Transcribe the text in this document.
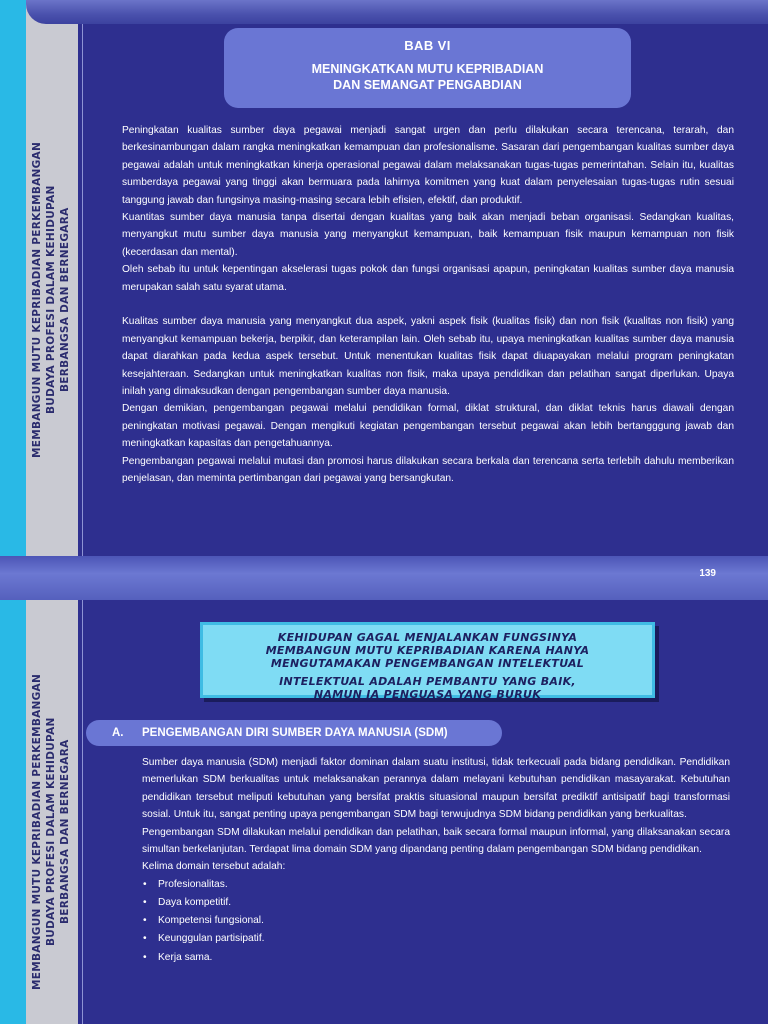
MEMBANGUN MUTU KEPRIBADIAN PERKEMBANGAN BUDAYA PROFESI DALAM KEHIDUPAN BERBANGSA DAN BERNEGARA
BAB VI
MENINGKATKAN MUTU KEPRIBADIAN
DAN SEMANGAT PENGABDIAN

Peningkatan kualitas sumber daya pegawai menjadi sangat urgen dan perlu dilakukan secara terencana, terarah, dan berkesinambungan dalam rangka meningkatkan kemampuan dan profesionalisme. Sasaran dari pengembangan kualitas sumber daya pegawai adalah untuk meningkatkan kinerja operasional pegawai dalam melaksanakan tugas-tugas pemerintahan. Selain itu, kualitas sumberdaya pegawai yang tinggi akan bermuara pada lahirnya komitmen yang kuat dalam penyelesaian tugas-tugas rutin sesuai tanggung jawab dan fungsinya masing-masing secara lebih efisien, efektif, dan produktif.

Kuantitas sumber daya manusia tanpa disertai dengan kualitas yang baik akan menjadi beban organisasi. Sedangkan kualitas, menyangkut mutu sumber daya manusia yang menyangkut kemampuan, baik kemampuan fisik maupun kemampuan non fisik (kecerdasan dan mental).

Oleh sebab itu untuk kepentingan akselerasi tugas pokok dan fungsi organisasi apapun, peningkatan kualitas sumber daya manusia merupakan salah satu syarat utama.

Kualitas sumber daya manusia yang menyangkut dua aspek, yakni aspek fisik (kualitas fisik) dan non fisik (kualitas non fisik) yang menyangkut kemampuan bekerja, berpikir, dan keterampilan lain. Oleh sebab itu, upaya meningkatkan kualitas sumber daya manusia dapat diarahkan pada kedua aspek tersebut. Untuk menentukan kualitas fisik dapat diuapayakan melalui program peningkatan kesejahteraan. Sedangkan untuk meningkatkan kualitas non fisik, maka upaya pendidikan dan pelatihan sangat diperlukan. Upaya inilah yang dimaksudkan dengan pengembangan sumber daya manusia.

Dengan demikian, pengembangan pegawai melalui pendidikan formal, diklat struktural, dan diklat teknis harus diawali dengan peningkatan motivasi pegawai. Dengan mengikuti kegiatan pengembangan tersebut pegawai akan lebih bertangggung jawab dan meningkatkan kapasitas dan pengetahuannya.

Pengembangan pegawai melalui mutasi dan promosi harus dilakukan secara berkala dan terencana serta terlebih dahulu memberikan penjelasan, dan meminta pertimbangan dari pegawai yang bersangkutan.

139
MEMBANGUN MUTU KEPRIBADIAN PERKEMBANGAN BUDAYA PROFESI DALAM KEHIDUPAN BERBANGSA DAN BERNEGARA
KEHIDUPAN GAGAL MENJALANKAN FUNGSINYA
MEMBANGUN MUTU KEPRIBADIAN KARENA HANYA
MENGUTAMAKAN PENGEMBANGAN INTELEKTUAL
INTELEKTUAL ADALAH PEMBANTU YANG BAIK,
NAMUN IA PENGUASA YANG BURUK
A. PENGEMBANGAN DIRI SUMBER DAYA MANUSIA (SDM)

Sumber daya manusia (SDM) menjadi faktor dominan dalam suatu institusi, tidak terkecuali pada bidang pendidikan. Pendidikan memerlukan SDM berkualitas untuk melaksanakan perannya dalam melayani kebutuhan pendidikan masayarakat. Kebutuhan pendidikan tersebut meliputi kebutuhan yang bersifat praktis situasional maupun bersifat prediktif antisipatif bagi transformasi sosial. Untuk itu, sangat penting upaya pengembangan SDM bagi terwujudnya SDM bidang pendidikan yang berkualitas.

Pengembangan SDM dilakukan melalui pendidikan dan pelatihan, baik secara formal maupun informal, yang dilaksanakan secara simultan berkelanjutan. Terdapat lima domain SDM yang dipandang penting dalam pengembangan SDM bidang pendidikan.

Kelima domain tersebut adalah:

• Profesionalitas.
• Daya kompetitif.
• Kompetensi fungsional.
• Keunggulan partisipatif.
• Kerja sama.
